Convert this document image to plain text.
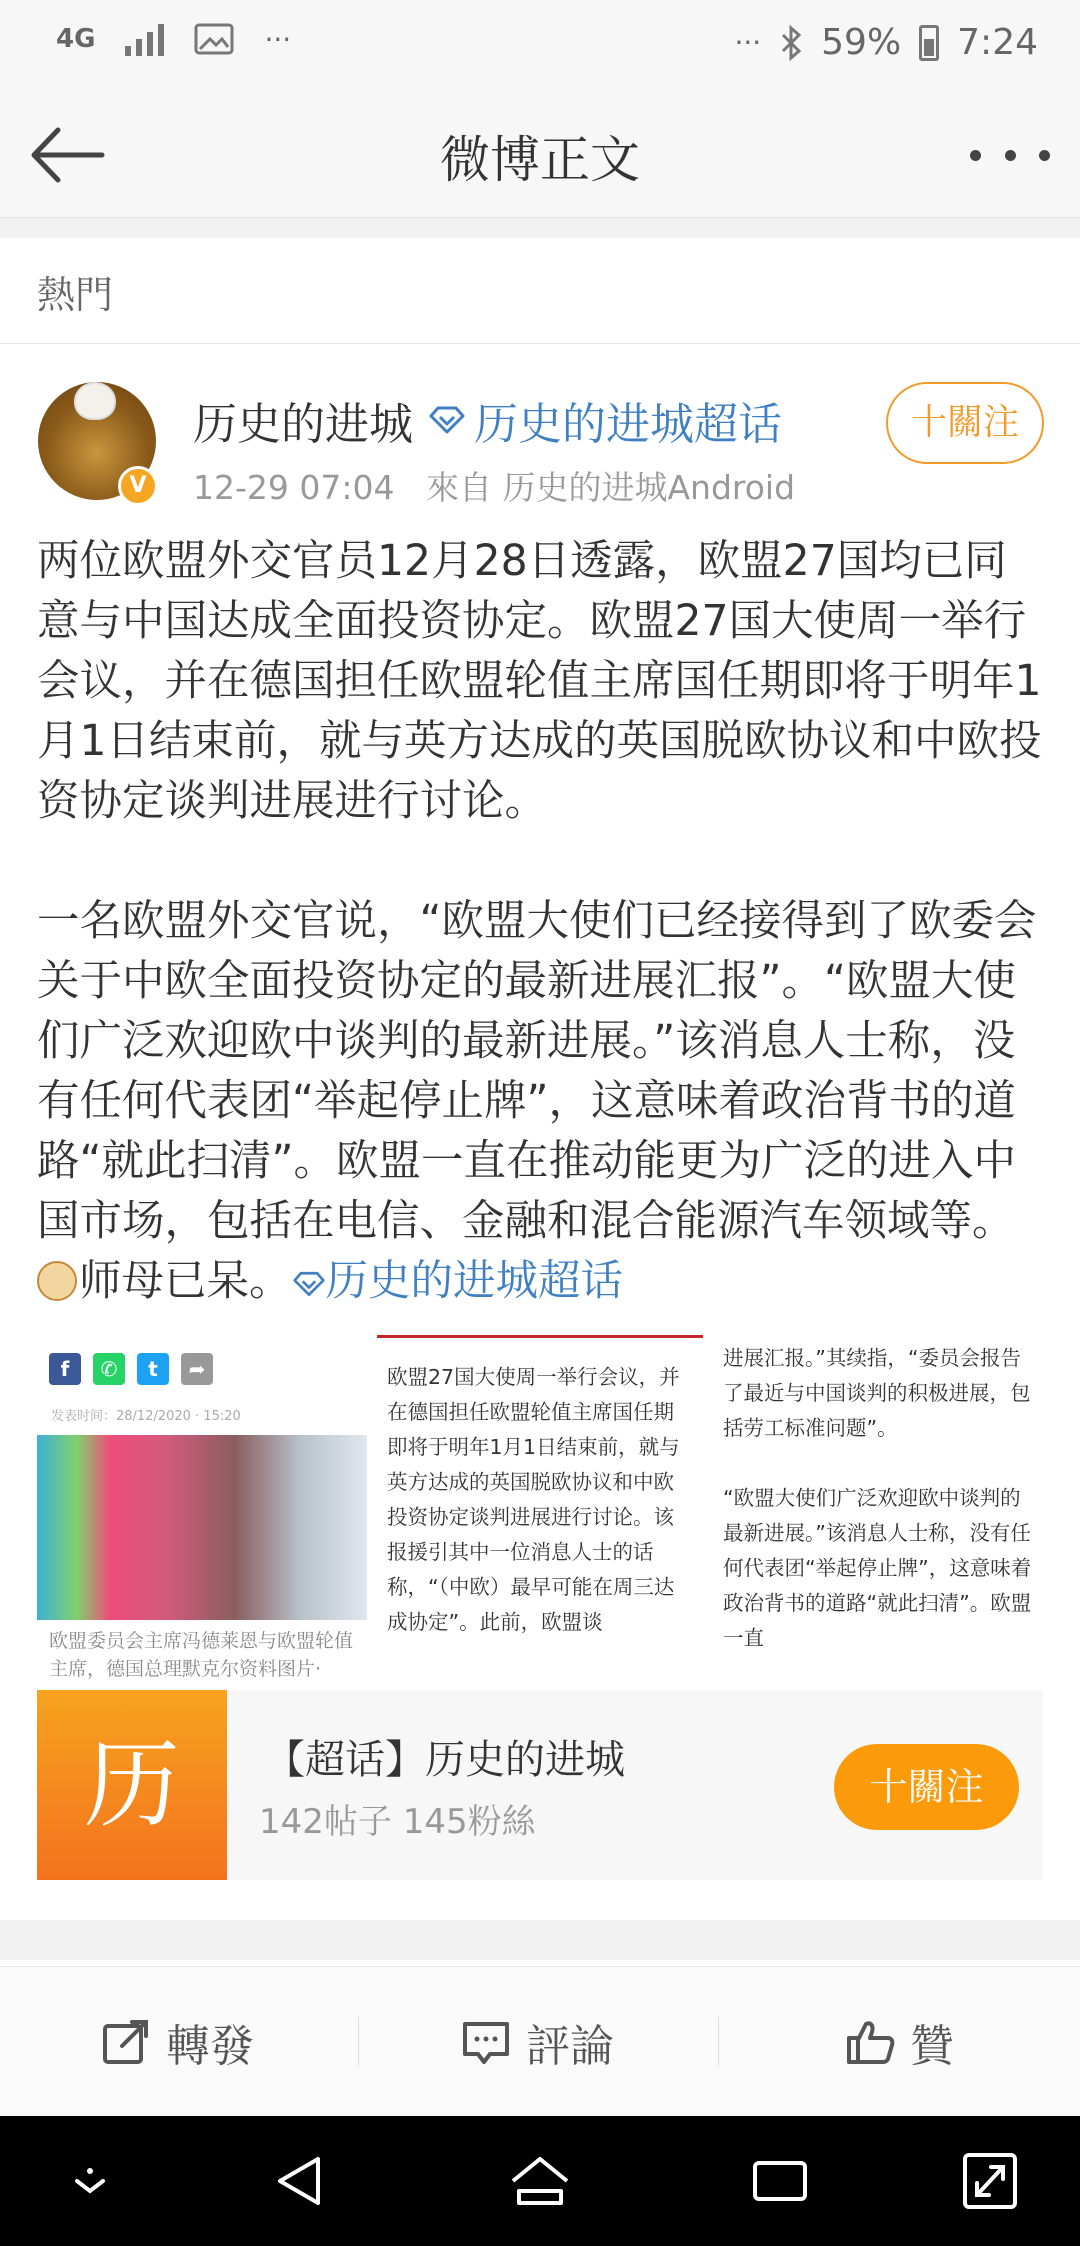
4G	···	··· 59% 7:24
微博正文
熱門
V
历史的进城 历史的进城超话
12-29 07:04 來自 历史的进城Android
十關注

两位欧盟外交官员12月28日透露，欧盟27国均已同意与中国达成全面投资协定。欧盟27国大使周一举行会议，并在德国担任欧盟轮值主席国任期即将于明年1月1日结束前，就与英方达成的英国脱欧协议和中欧投资协定谈判进展进行讨论。

一名欧盟外交官说，“欧盟大使们已经接得到了欧委会关于中欧全面投资协定的最新进展汇报”。“欧盟大使们广泛欢迎欧中谈判的最新进展。”该消息人士称，没有任何代表团“举起停止牌”，这意味着政治背书的道路“就此扫清”。欧盟一直在推动能更为广泛的进入中国市场，包括在电信、金融和混合能源汽车领域等。师母已呆。 历史的进城超话

f	✆	t	➦
发表时间：28/12/2020 · 15:20
欧盟委员会主席冯德莱恩与欧盟轮值主席，德国总理默克尔资料图片·

欧盟27国大使周一举行会议，并在德国担任欧盟轮值主席国任期即将于明年1月1日结束前，就与英方达成的英国脱欧协议和中欧投资协定谈判进展进行讨论。该报援引其中一位消息人士的话称，“（中欧）最早可能在周三达成协定”。此前，欧盟谈

进展汇报。”其续指，“委员会报告了最近与中国谈判的积极进展，包括劳工标准问题”。

“欧盟大使们广泛欢迎欧中谈判的最新进展。”该消息人士称，没有任何代表团“举起停止牌”，这意味着政治背书的道路“就此扫清”。欧盟一直

历	【超话】历史的进城
142帖子 145粉絲
十關注
轉發	評論	贊
